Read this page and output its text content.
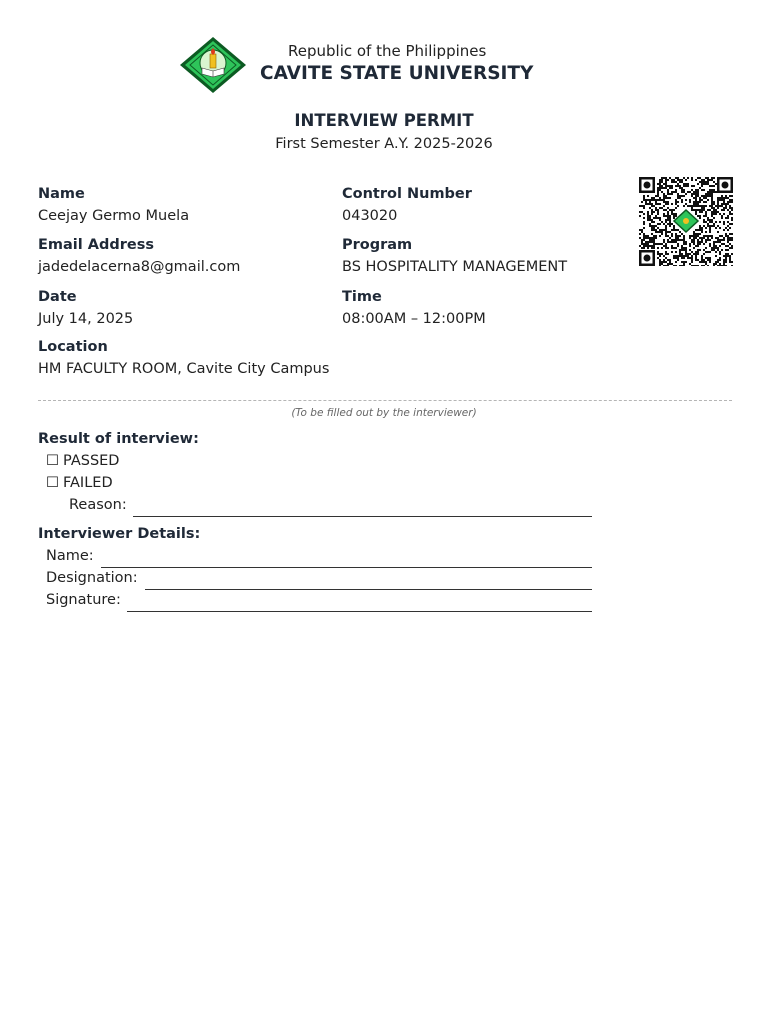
Republic of the Philippines
CAVITE STATE UNIVERSITY
INTERVIEW PERMIT
First Semester A.Y. 2025-2026
Name
Ceejay Germo Muela
Control Number
043020
Email Address
jadedelacerna8@gmail.com
Program
BS HOSPITALITY MANAGEMENT
Date
July 14, 2025
Time
08:00AM – 12:00PM
Location
HM FACULTY ROOM, Cavite City Campus
(To be filled out by the interviewer)
Result of interview:
☐ PASSED
☐ FAILED
Reason:
Interviewer Details:
Name:
Designation:
Signature:
